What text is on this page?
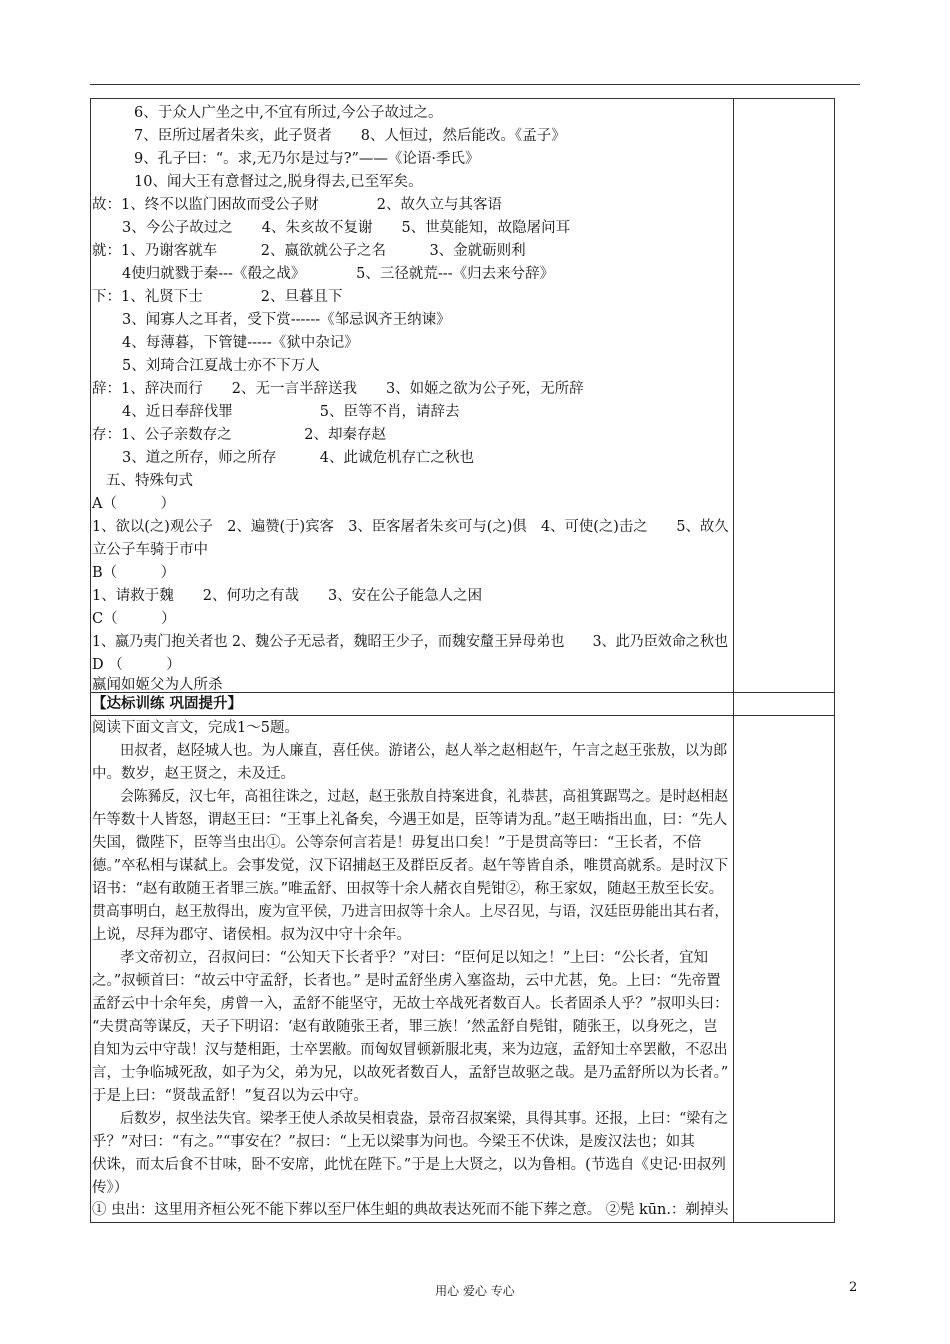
6、于众人广坐之中,不宜有所过,今公子故过之。
7、臣所过屠者朱亥，此子贤者　　8、人恒过，然后能改。《孟子》
9、孔子曰：“。求,无乃尔是过与?”——《论语·季氏》
10、闻大王有意督过之,脱身得去,已至军矣。
故：1、终不以监门困故而受公子财　　　　2、故久立与其客语
3、今公子故过之　　4、朱亥故不复谢　　5、世莫能知，故隐屠问耳
就：1、乃谢客就车　　　2、嬴欲就公子之名　　　3、金就砺则利
4使归就戮于秦---《殽之战》　　　　5、三径就荒---《归去来兮辞》
下：1、礼贤下士　　　　2、旦暮且下
3、闻寡人之耳者，受下赏------《邹忌讽齐王纳谏》
4、每薄暮，下管键-----《狱中杂记》
5、刘琦合江夏战士亦不下万人
辞：1、辞决而行　　2、无一言半辞送我　　3、如姬之欲为公子死，无所辞
4、近日奉辞伐罪　　　　　　5、臣等不肖，请辞去
存：1、公子亲数存之　　　　　2、却秦存赵
3、道之所存，师之所存　　　4、此诚危机存亡之秋也
五、特殊句式
A（　　　）
1、欲以(之)观公子　2、遍赞(于)宾客　3、臣客屠者朱亥可与(之)俱　4、可使(之)击之　　5、故久
立公子车骑于市中
B（　　　）
1、请救于魏　　2、何功之有哉　　3、安在公子能急人之困
C（　　　）
1、嬴乃夷门抱关者也 2、魏公子无忌者，魏昭王少子，而魏安釐王异母弟也　　3、此乃臣效命之秋也
D （　　　）
嬴闻如姬父为人所杀
【达标训练 巩固提升】
阅读下面文言文，完成1～5题。
田叔者，赵陉城人也。为人廉直，喜任侠。游诸公，赵人举之赵相赵午，午言之赵王张敖，以为郎
中。数岁，赵王贤之，未及迁。
会陈豨反，汉七年，高祖往诛之，过赵，赵王张敖自持案进食，礼恭甚，高祖箕踞骂之。是时赵相赵
午等数十人皆怒，谓赵王曰：“王事上礼备矣，今遇王如是，臣等请为乱。”赵王啮指出血，曰：“先人
失国，微陛下，臣等当虫出①。公等奈何言若是！毋复出口矣！”于是贯高等曰：“王长者，不倍
德。”卒私相与谋弑上。会事发觉，汉下诏捕赵王及群臣反者。赵午等皆自杀，唯贯高就系。是时汉下
诏书：“赵有敢随王者罪三族。”唯孟舒、田叔等十余人赭衣自髡钳②，称王家奴，随赵王敖至长安。
贯高事明白，赵王敖得出，废为宣平侯，乃进言田叔等十余人。上尽召见，与语，汉廷臣毋能出其右者，
上说，尽拜为郡守、诸侯相。叔为汉中守十余年。
孝文帝初立，召叔问曰：“公知天下长者乎？”对曰：“臣何足以知之！”上曰：“公长者，宜知
之。”叔顿首曰：“故云中守孟舒，长者也。” 是时孟舒坐虏入塞盗劫，云中尤甚，免。上曰：“先帝置
孟舒云中十余年矣，虏曾一入，孟舒不能坚守，无故士卒战死者数百人。长者固杀人乎？”叔叩头曰：
“夫贯高等谋反，天子下明诏：‘赵有敢随张王者，罪三族！’然孟舒自髡钳，随张王，以身死之，岂
自知为云中守哉！汉与楚相距，士卒罢敝。而匈奴冒顿新服北夷，来为边寇，孟舒知士卒罢敝，不忍出
言，士争临城死敌，如子为父，弟为兄，以故死者数百人，孟舒岂故驱之哉。是乃孟舒所以为长者。”
于是上曰：“贤哉孟舒！”复召以为云中守。
后数岁，叔坐法失官。梁孝王使人杀故吴相袁盎，景帝召叔案梁，具得其事。还报，上曰：“梁有之
乎？”对曰：“有之。”“事安在？”叔曰：“上无以梁事为问也。今梁王不伏诛，是废汉法也；如其
伏诛，而太后食不甘味，卧不安席，此忧在陛下。”于是上大贤之，以为鲁相。(节选自《史记·田叔列
传》）
① 虫出：这里用齐桓公死不能下葬以至尸体生蛆的典故表达死而不能下葬之意。 ②髡 kūn.：剃掉头
用心 爱心 专心	2
